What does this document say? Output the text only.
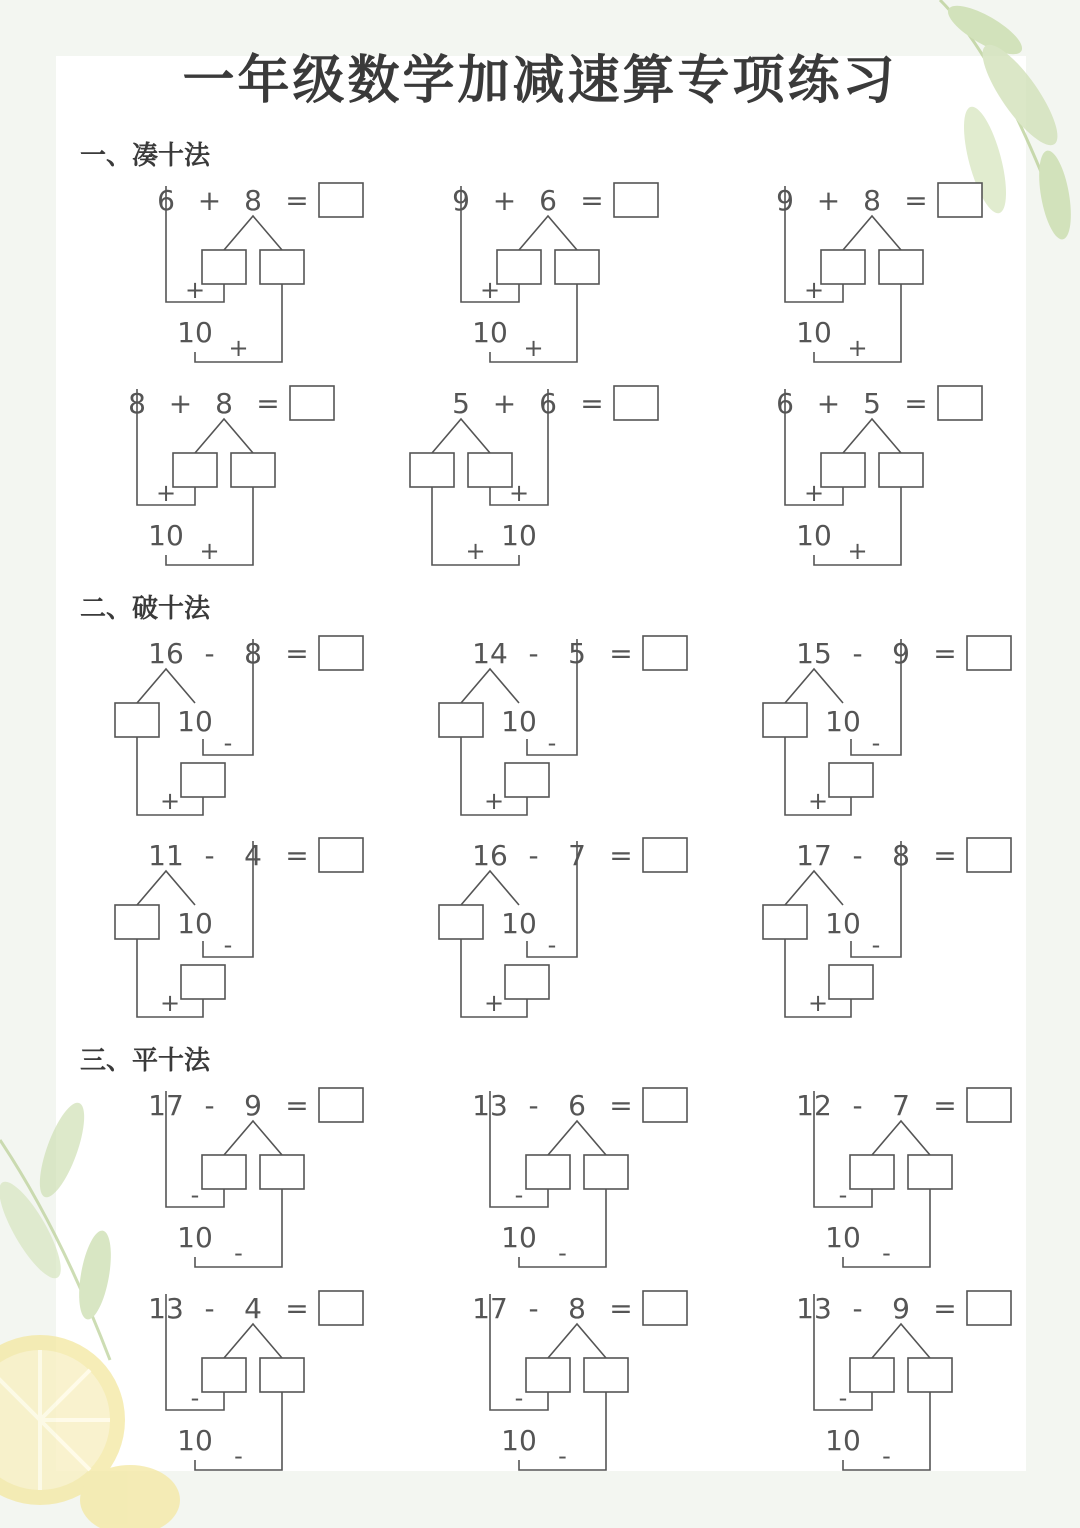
一年级数学加减速算专项练习
一、凑十法
二、破十法
三、平十法
6 + 8 =
+
10 +
9 + 6 =
+
10 +
9 + 8 =
+
10 +
8 + 8 =
+
10 +
5 + 6 =
+
10
+
6 + 5 =
+
10 +
16 - 8 =
10
-
+
14 - 5 =
10
-
+
15 - 9 =
10
-
+
11 - 4 =
10
-
+
16 - 7 =
10
-
+
17 - 8 =
10
-
+
17 - 9 =
-
10 -
13 - 6 =
-
10 -
12 - 7 =
-
10 -
13 - 4 =
-
10 -
17 - 8 =
-
10 -
13 - 9 =
-
10 -
